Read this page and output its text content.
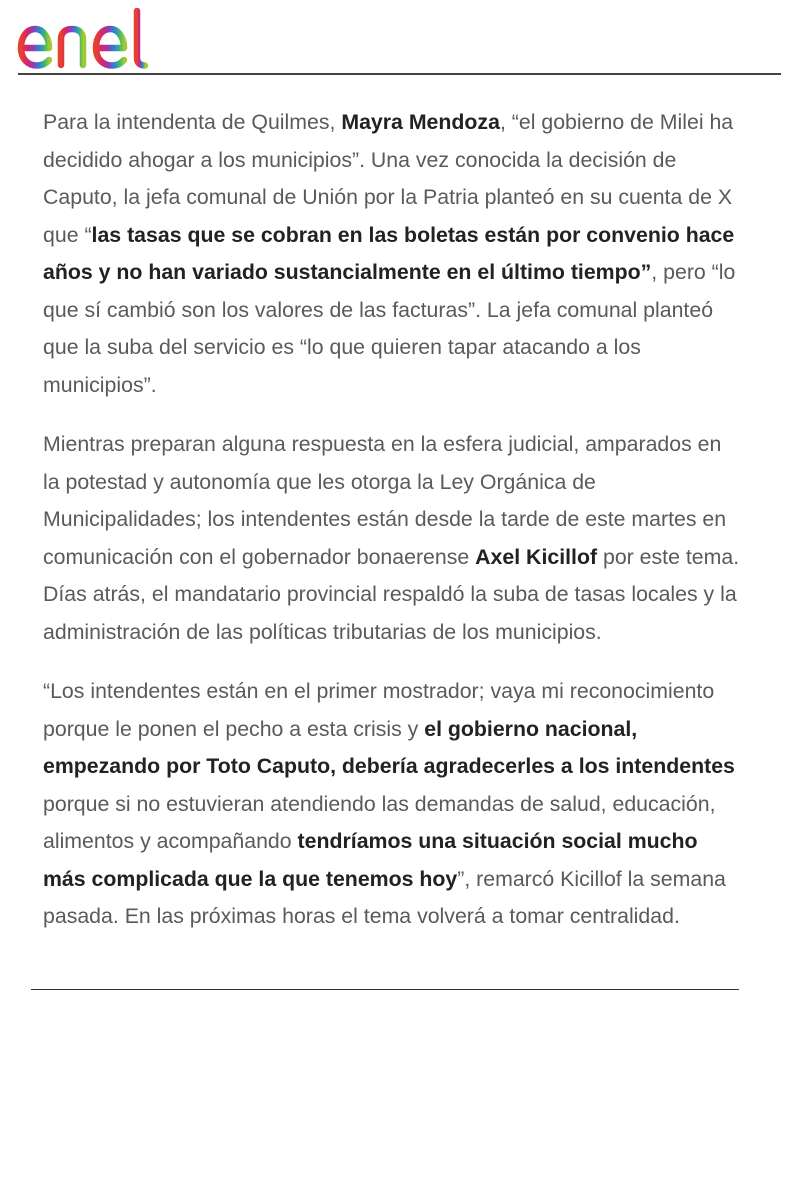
Para la intendenta de Quilmes, Mayra Mendoza, “el gobierno de Milei ha decidido ahogar a los municipios”. Una vez conocida la decisión de Caputo, la jefa comunal de Unión por la Patria planteó en su cuenta de X que “las tasas que se cobran en las boletas están por convenio hace años y no han variado sustancialmente en el último tiempo”, pero “lo que sí cambió son los valores de las facturas”. La jefa comunal planteó que la suba del servicio es “lo que quieren tapar atacando a los municipios”.

Mientras preparan alguna respuesta en la esfera judicial, amparados en la potestad y autonomía que les otorga la Ley Orgánica de Municipalidades; los intendentes están desde la tarde de este martes en comunicación con el gobernador bonaerense Axel Kicillof por este tema. Días atrás, el mandatario provincial respaldó la suba de tasas locales y la administración de las políticas tributarias de los municipios.

“Los intendentes están en el primer mostrador; vaya mi reconocimiento porque le ponen el pecho a esta crisis y el gobierno nacional, empezando por Toto Caputo, debería agradecerles a los intendentes porque si no estuvieran atendiendo las demandas de salud, educación, alimentos y acompañando tendríamos una situación social mucho más complicada que la que tenemos hoy”, remarcó Kicillof la semana pasada. En las próximas horas el tema volverá a tomar centralidad.
